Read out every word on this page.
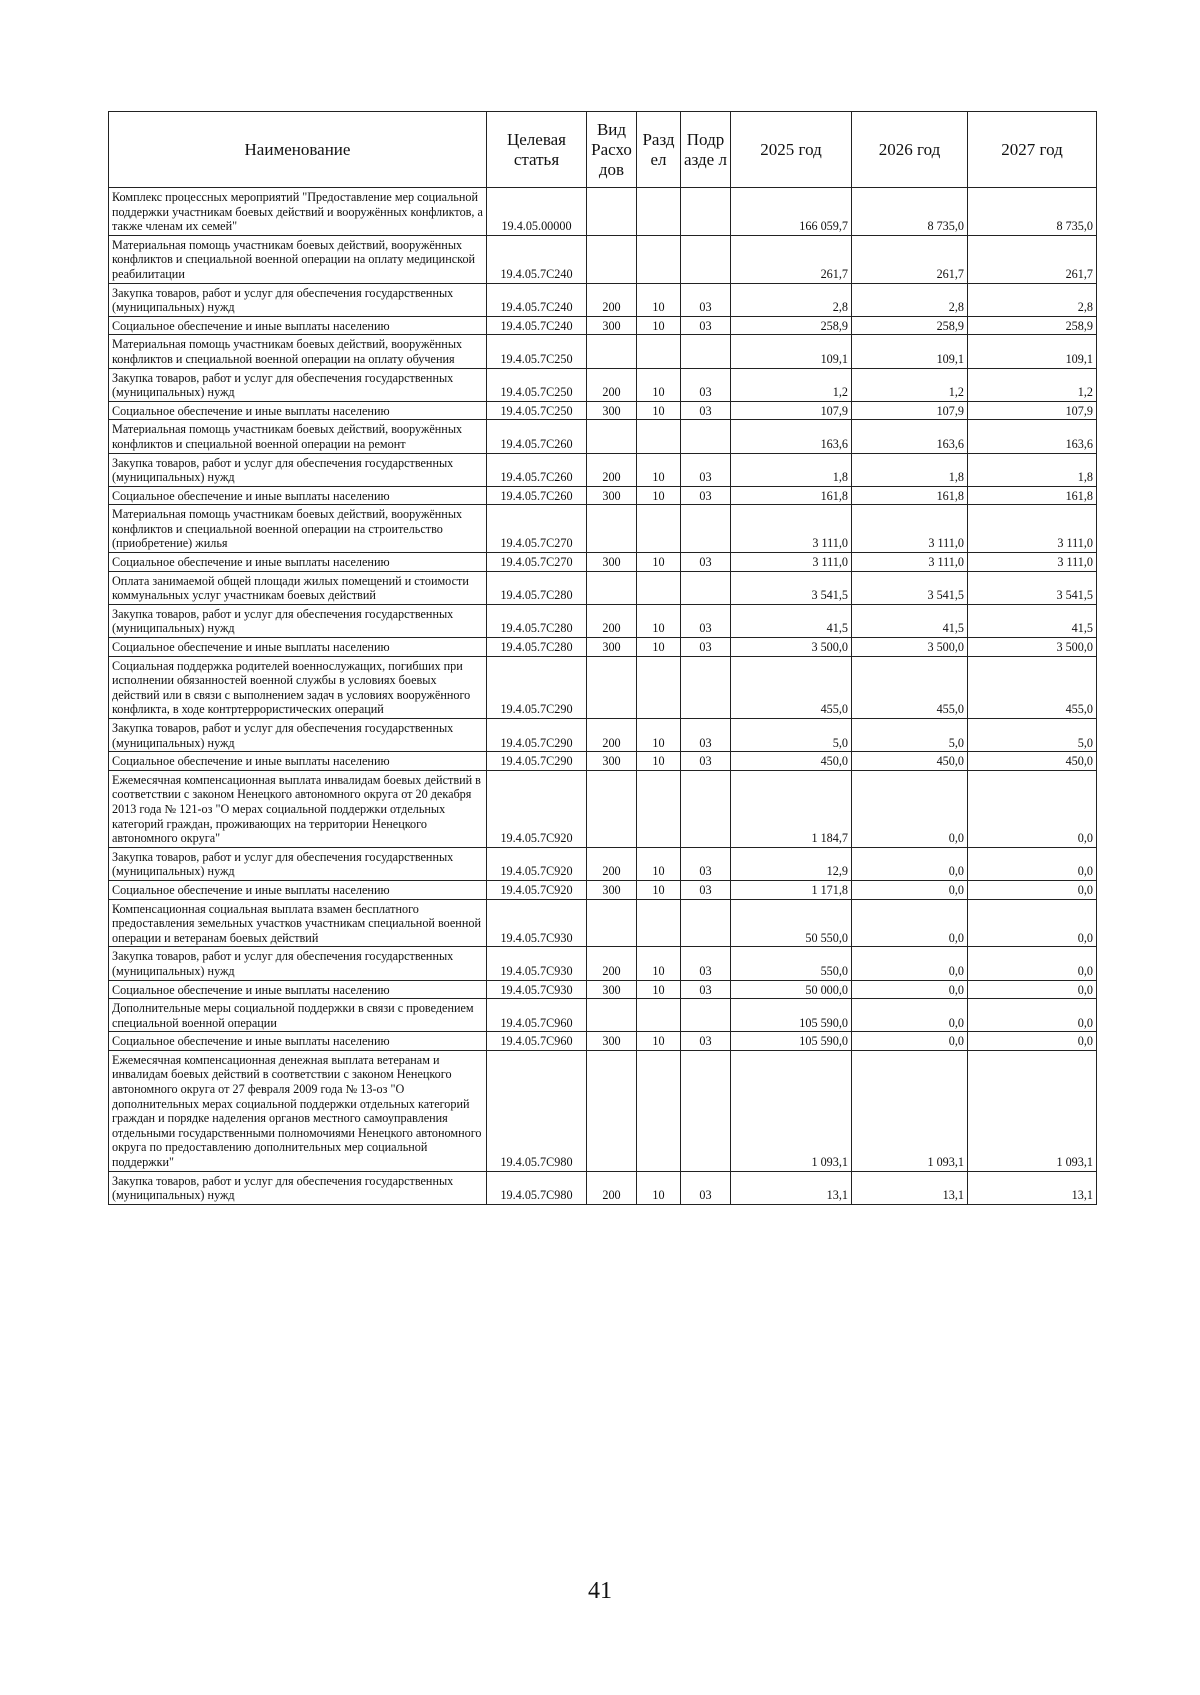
Наименование	Целевая статья	Вид Расхо дов	Разд ел	Подр азде л	2025 год	2026 год	2027 год
Комплекс процессных мероприятий "Предоставление мер социальной поддержки участникам боевых действий и вооружённых конфликтов, а также членам их семей"	19.4.05.00000				166 059,7	8 735,0	8 735,0
Материальная помощь участникам боевых действий, вооружённых конфликтов и специальной военной операции на оплату медицинской реабилитации	19.4.05.7С240				261,7	261,7	261,7
Закупка товаров, работ и услуг для обеспечения государственных (муниципальных) нужд	19.4.05.7С240	200	10	03	2,8	2,8	2,8
Социальное обеспечение и иные выплаты населению	19.4.05.7С240	300	10	03	258,9	258,9	258,9
Материальная помощь участникам боевых действий, вооружённых конфликтов и специальной военной операции на оплату обучения	19.4.05.7С250				109,1	109,1	109,1
Закупка товаров, работ и услуг для обеспечения государственных (муниципальных) нужд	19.4.05.7С250	200	10	03	1,2	1,2	1,2
Социальное обеспечение и иные выплаты населению	19.4.05.7С250	300	10	03	107,9	107,9	107,9
Материальная помощь участникам боевых действий, вооружённых конфликтов и специальной военной операции на ремонт	19.4.05.7С260				163,6	163,6	163,6
Закупка товаров, работ и услуг для обеспечения государственных (муниципальных) нужд	19.4.05.7С260	200	10	03	1,8	1,8	1,8
Социальное обеспечение и иные выплаты населению	19.4.05.7С260	300	10	03	161,8	161,8	161,8
Материальная помощь участникам боевых действий, вооружённых конфликтов и специальной военной операции на строительство (приобретение) жилья	19.4.05.7С270				3 111,0	3 111,0	3 111,0
Социальное обеспечение и иные выплаты населению	19.4.05.7С270	300	10	03	3 111,0	3 111,0	3 111,0
Оплата занимаемой общей площади жилых помещений и стоимости коммунальных услуг участникам боевых действий	19.4.05.7С280				3 541,5	3 541,5	3 541,5
Закупка товаров, работ и услуг для обеспечения государственных (муниципальных) нужд	19.4.05.7С280	200	10	03	41,5	41,5	41,5
Социальное обеспечение и иные выплаты населению	19.4.05.7С280	300	10	03	3 500,0	3 500,0	3 500,0
Социальная поддержка родителей военнослужащих, погибших при исполнении обязанностей военной службы в условиях боевых действий или в связи с выполнением задач в условиях вооружённого конфликта, в ходе контртеррористических операций	19.4.05.7С290				455,0	455,0	455,0
Закупка товаров, работ и услуг для обеспечения государственных (муниципальных) нужд	19.4.05.7С290	200	10	03	5,0	5,0	5,0
Социальное обеспечение и иные выплаты населению	19.4.05.7С290	300	10	03	450,0	450,0	450,0
Ежемесячная компенсационная выплата инвалидам боевых действий в соответствии с законом Ненецкого автономного округа от 20 декабря 2013 года № 121-оз "О мерах социальной поддержки отдельных категорий граждан, проживающих на территории Ненецкого автономного округа"	19.4.05.7С920				1 184,7	0,0	0,0
Закупка товаров, работ и услуг для обеспечения государственных (муниципальных) нужд	19.4.05.7С920	200	10	03	12,9	0,0	0,0
Социальное обеспечение и иные выплаты населению	19.4.05.7С920	300	10	03	1 171,8	0,0	0,0
Компенсационная социальная выплата взамен бесплатного предоставления земельных участков участникам специальной военной операции и ветеранам боевых действий	19.4.05.7С930				50 550,0	0,0	0,0
Закупка товаров, работ и услуг для обеспечения государственных (муниципальных) нужд	19.4.05.7С930	200	10	03	550,0	0,0	0,0
Социальное обеспечение и иные выплаты населению	19.4.05.7С930	300	10	03	50 000,0	0,0	0,0
Дополнительные меры социальной поддержки в связи с проведением специальной военной операции	19.4.05.7С960				105 590,0	0,0	0,0
Социальное обеспечение и иные выплаты населению	19.4.05.7С960	300	10	03	105 590,0	0,0	0,0
Ежемесячная компенсационная денежная выплата ветеранам и инвалидам боевых действий в соответствии с законом Ненецкого автономного округа от 27 февраля 2009 года № 13-оз "О дополнительных мерах социальной поддержки отдельных категорий граждан и порядке наделения органов местного самоуправления отдельными государственными полномочиями Ненецкого автономного округа по предоставлению дополнительных мер социальной поддержки"	19.4.05.7С980				1 093,1	1 093,1	1 093,1
Закупка товаров, работ и услуг для обеспечения государственных (муниципальных) нужд	19.4.05.7С980	200	10	03	13,1	13,1	13,1
41
